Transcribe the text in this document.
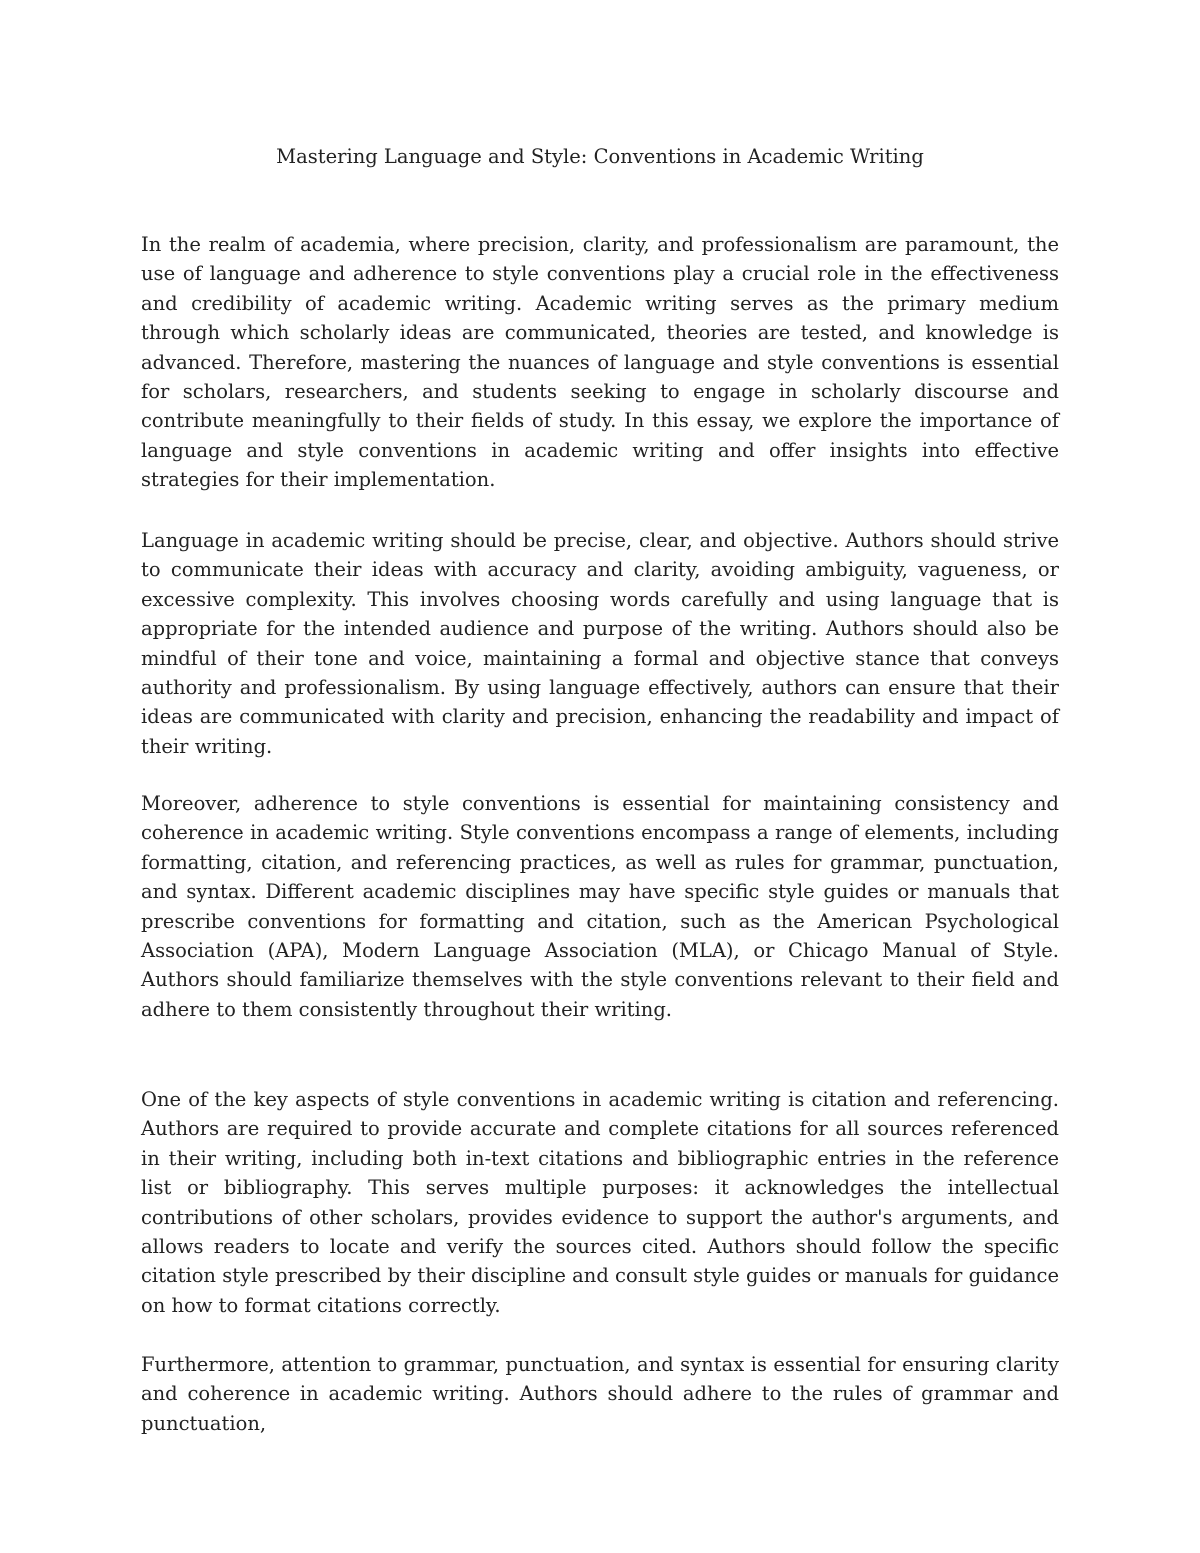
Mastering Language and Style: Conventions in Academic Writing

In the realm of academia, where precision, clarity, and professionalism are paramount, the use of language and adherence to style conventions play a crucial role in the effectiveness and credibility of academic writing. Academic writing serves as the primary medium through which scholarly ideas are communicated, theories are tested, and knowledge is advanced. Therefore, mastering the nuances of language and style conventions is essential for scholars, researchers, and students seeking to engage in scholarly discourse and contribute meaningfully to their fields of study. In this essay, we explore the importance of language and style conventions in academic writing and offer insights into effective strategies for their implementation.

Language in academic writing should be precise, clear, and objective. Authors should strive to communicate their ideas with accuracy and clarity, avoiding ambiguity, vagueness, or excessive complexity. This involves choosing words carefully and using language that is appropriate for the intended audience and purpose of the writing. Authors should also be mindful of their tone and voice, maintaining a formal and objective stance that conveys authority and professionalism. By using language effectively, authors can ensure that their ideas are communicated with clarity and precision, enhancing the readability and impact of their writing.

Moreover, adherence to style conventions is essential for maintaining consistency and coherence in academic writing. Style conventions encompass a range of elements, including formatting, citation, and referencing practices, as well as rules for grammar, punctuation, and syntax. Different academic disciplines may have specific style guides or manuals that prescribe conventions for formatting and citation, such as the American Psychological Association (APA), Modern Language Association (MLA), or Chicago Manual of Style. Authors should familiarize themselves with the style conventions relevant to their field and adhere to them consistently throughout their writing.

One of the key aspects of style conventions in academic writing is citation and referencing. Authors are required to provide accurate and complete citations for all sources referenced in their writing, including both in-text citations and bibliographic entries in the reference list or bibliography. This serves multiple purposes: it acknowledges the intellectual contributions of other scholars, provides evidence to support the author's arguments, and allows readers to locate and verify the sources cited. Authors should follow the specific citation style prescribed by their discipline and consult style guides or manuals for guidance on how to format citations correctly.

Furthermore, attention to grammar, punctuation, and syntax is essential for ensuring clarity and coherence in academic writing. Authors should adhere to the rules of grammar and punctuation,
